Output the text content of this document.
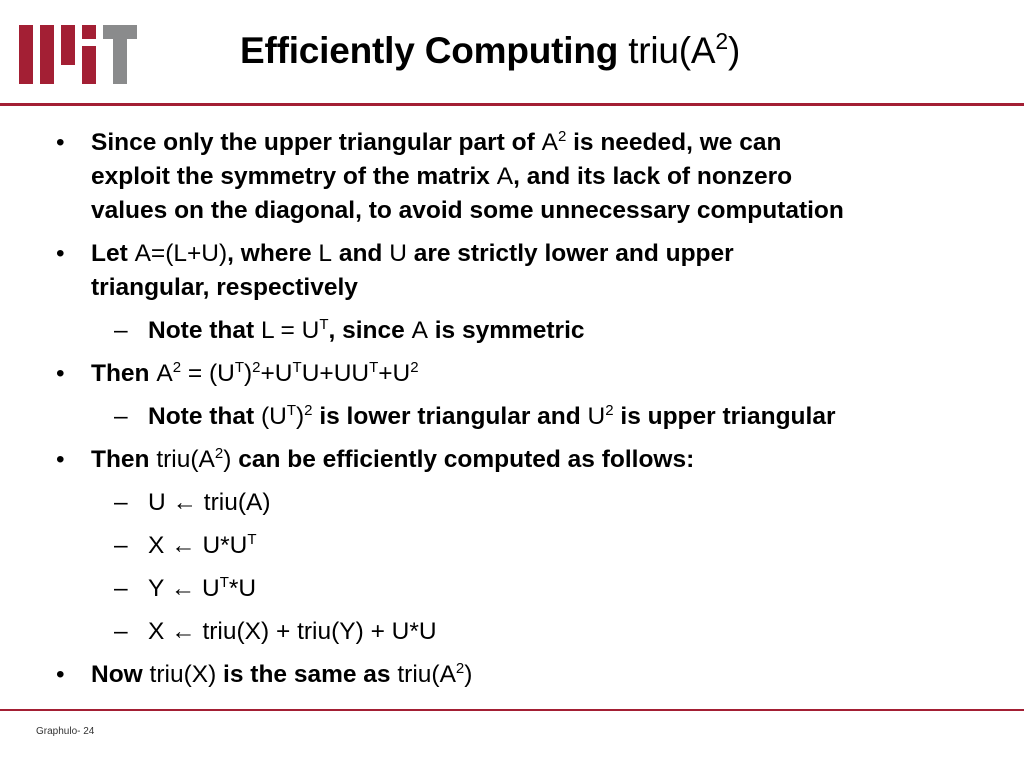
Efficiently Computing $triu(A^2)$
• Since only the upper triangular part of $A^2$ is needed, we can
exploit the symmetry of the matrix A, and its lack of nonzero
values on the diagonal, to avoid some unnecessary computation
• Let A=(L+U), where L and U are strictly lower and upper
triangular, respectively
– Note that $L = U^T$, since A is symmetric
• Then $A^2 = (U^T)^2+U^TU+UU^T+U^2$
– Note that $(U^T)^2$ is lower triangular and $U^2$ is upper triangular
• Then $triu(A^2)$ can be efficiently computed as follows:
– U ← triu(A)
– X ← $U*U^T$
– Y ← $U^T*U$
– X ← triu(X) + triu(Y) + U*U
• Now triu(X) is the same as $triu(A^2)$
Graphulo- 24
